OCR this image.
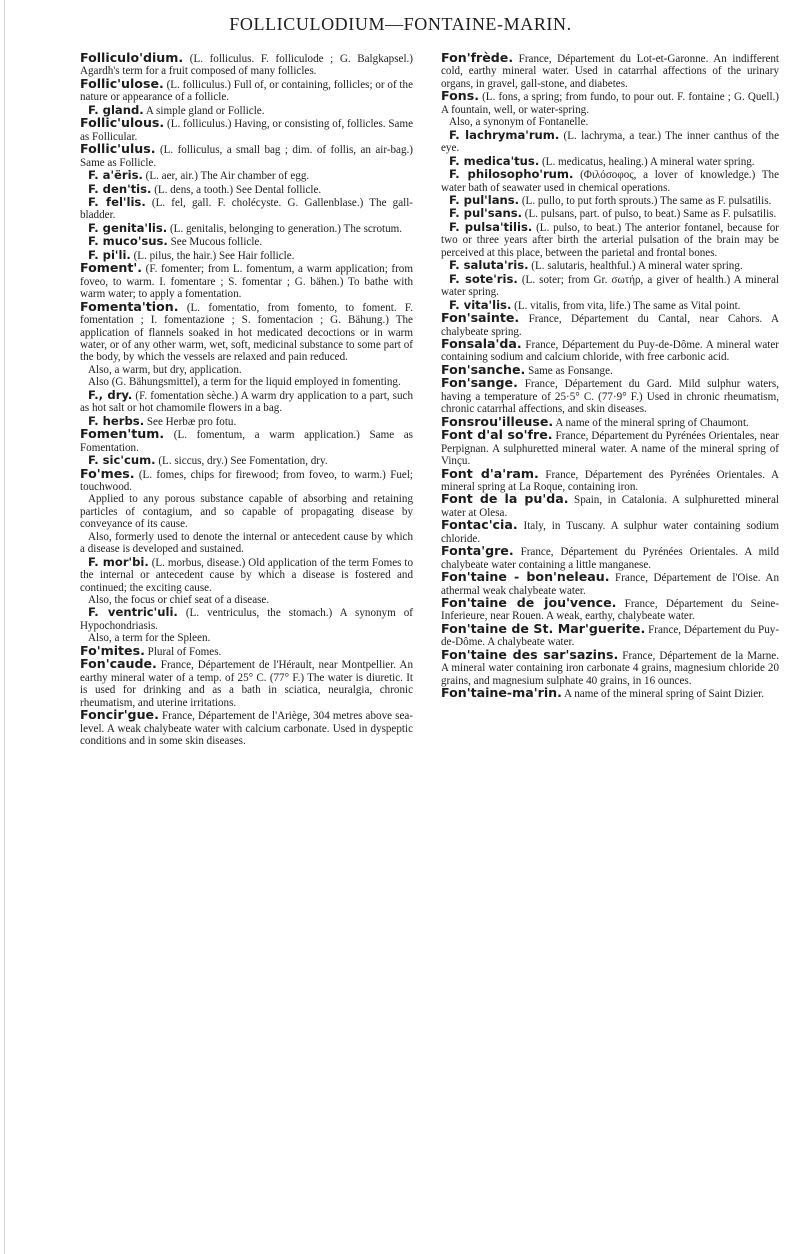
FOLLICULODIUM—FONTAINE-MARIN.
Folliculo'dium. (L. folliculus. F. folliculode ; G. Balgkapsel.) Agardh's term for a fruit composed of many follicles.
Follic'ulose. (L. folliculus.) Full of, or containing, follicles; or of the nature or appearance of a follicle.
F. gland. A simple gland or Follicle.
Follic'ulous. (L. folliculus.) Having, or consisting of, follicles. Same as Follicular.
Follic'ulus. (L. folliculus, a small bag ; dim. of follis, an air-bag.) Same as Follicle.
F. a'ëris. (L. aer, air.) The Air chamber of egg.
F. den'tis. (L. dens, a tooth.) See Dental follicle.
F. fel'lis. (L. fel, gall. F. cholécyste. G. Gallenblase.) The gall-bladder.
F. genita'lis. (L. genitalis, belonging to generation.) The scrotum.
F. muco'sus. See Mucous follicle.
F. pi'li. (L. pilus, the hair.) See Hair follicle.
Foment'. (F. fomenter; from L. fomentum, a warm application; from foveo, to warm. I. fomentare ; S. fomentar ; G. bähen.) To bathe with warm water; to apply a fomentation.
Fomenta'tion. (L. fomentatio, from fomento, to foment. F. fomentation ; I. fomentazione ; S. fomentacion ; G. Bähung.) The application of flannels soaked in hot medicated decoctions or in warm water, or of any other warm, wet, soft, medicinal substance to some part of the body, by which the vessels are relaxed and pain reduced.
Also, a warm, but dry, application.
Also (G. Bähungsmittel), a term for the liquid employed in fomenting.
F., dry. (F. fomentation sèche.) A warm dry application to a part, such as hot salt or hot chamomile flowers in a bag.
F. herbs. See Herbæ pro fotu.
Fomen'tum. (L. fomentum, a warm application.) Same as Fomentation.
F. sic'cum. (L. siccus, dry.) See Fomentation, dry.
Fo'mes. (L. fomes, chips for firewood; from foveo, to warm.) Fuel; touchwood.
Applied to any porous substance capable of absorbing and retaining particles of contagium, and so capable of propagating disease by conveyance of its cause.
Also, formerly used to denote the internal or antecedent cause by which a disease is developed and sustained.
F. mor'bi. (L. morbus, disease.) Old application of the term Fomes to the internal or antecedent cause by which a disease is fostered and continued; the exciting cause.
Also, the focus or chief seat of a disease.
F. ventric'uli. (L. ventriculus, the stomach.) A synonym of Hypochondriasis.
Also, a term for the Spleen.
Fo'mites. Plural of Fomes.
Fon'caude. France, Département de l'Hérault, near Montpellier. An earthy mineral water of a temp. of 25° C. (77° F.) The water is diuretic. It is used for drinking and as a bath in sciatica, neuralgia, chronic rheumatism, and uterine irritations.
Foncir'gue. France, Département de l'Ariège, 304 metres above sea-level. A weak chalybeate water with calcium carbonate. Used in dyspeptic conditions and in some skin diseases.
Fon'frède. France, Département du Lot-et-Garonne. An indifferent cold, earthy mineral water. Used in catarrhal affections of the urinary organs, in gravel, gall-stone, and diabetes.
Fons. (L. fons, a spring; from fundo, to pour out. F. fontaine ; G. Quell.) A fountain, well, or water-spring.
Also, a synonym of Fontanelle.
F. lachryma'rum. (L. lachryma, a tear.) The inner canthus of the eye.
F. medica'tus. (L. medicatus, healing.) A mineral water spring.
F. philosopho'rum. (Φιλόσοφος, a lover of knowledge.) The water bath of seawater used in chemical operations.
F. pul'lans. (L. pullo, to put forth sprouts.) The same as F. pulsatilis.
F. pul'sans. (L. pulsans, part. of pulso, to beat.) Same as F. pulsatilis.
F. pulsa'tilis. (L. pulso, to beat.) The anterior fontanel, because for two or three years after birth the arterial pulsation of the brain may be perceived at this place, between the parietal and frontal bones.
F. saluta'ris. (L. salutaris, healthful.) A mineral water spring.
F. sote'ris. (L. soter; from Gr. σωτήρ, a giver of health.) A mineral water spring.
F. vita'lis. (L. vitalis, from vita, life.) The same as Vital point.
Fon'sainte. France, Département du Cantal, near Cahors. A chalybeate spring.
Fonsala'da. France, Département du Puy-de-Dôme. A mineral water containing sodium and calcium chloride, with free carbonic acid.
Fon'sanche. Same as Fonsange.
Fon'sange. France, Département du Gard. Mild sulphur waters, having a temperature of 25·5° C. (77·9° F.) Used in chronic rheumatism, chronic catarrhal affections, and skin diseases.
Fonsrou'illeuse. A name of the mineral spring of Chaumont.
Font d'al so'fre. France, Département du Pyrénées Orientales, near Perpignan. A sulphuretted mineral water. A name of the mineral spring of Vinçu.
Font d'a'ram. France, Département des Pyrénées Orientales. A mineral spring at La Roque, containing iron.
Font de la pu'da. Spain, in Catalonia. A sulphuretted mineral water at Olesa.
Fontac'cia. Italy, in Tuscany. A sulphur water containing sodium chloride.
Fonta'gre. France, Département du Pyrénées Orientales. A mild chalybeate water containing a little manganese.
Fon'taine - bon'neleau. France, Département de l'Oise. An athermal weak chalybeate water.
Fon'taine de jou'vence. France, Département du Seine-Inferieure, near Rouen. A weak, earthy, chalybeate water.
Fon'taine de St. Mar'guerite. France, Département du Puy-de-Dôme. A chalybeate water.
Fon'taine des sar'sazins. France, Département de la Marne. A mineral water containing iron carbonate 4 grains, magnesium chloride 20 grains, and magnesium sulphate 40 grains, in 16 ounces.
Fon'taine-ma'rin. A name of the mineral spring of Saint Dizier.
